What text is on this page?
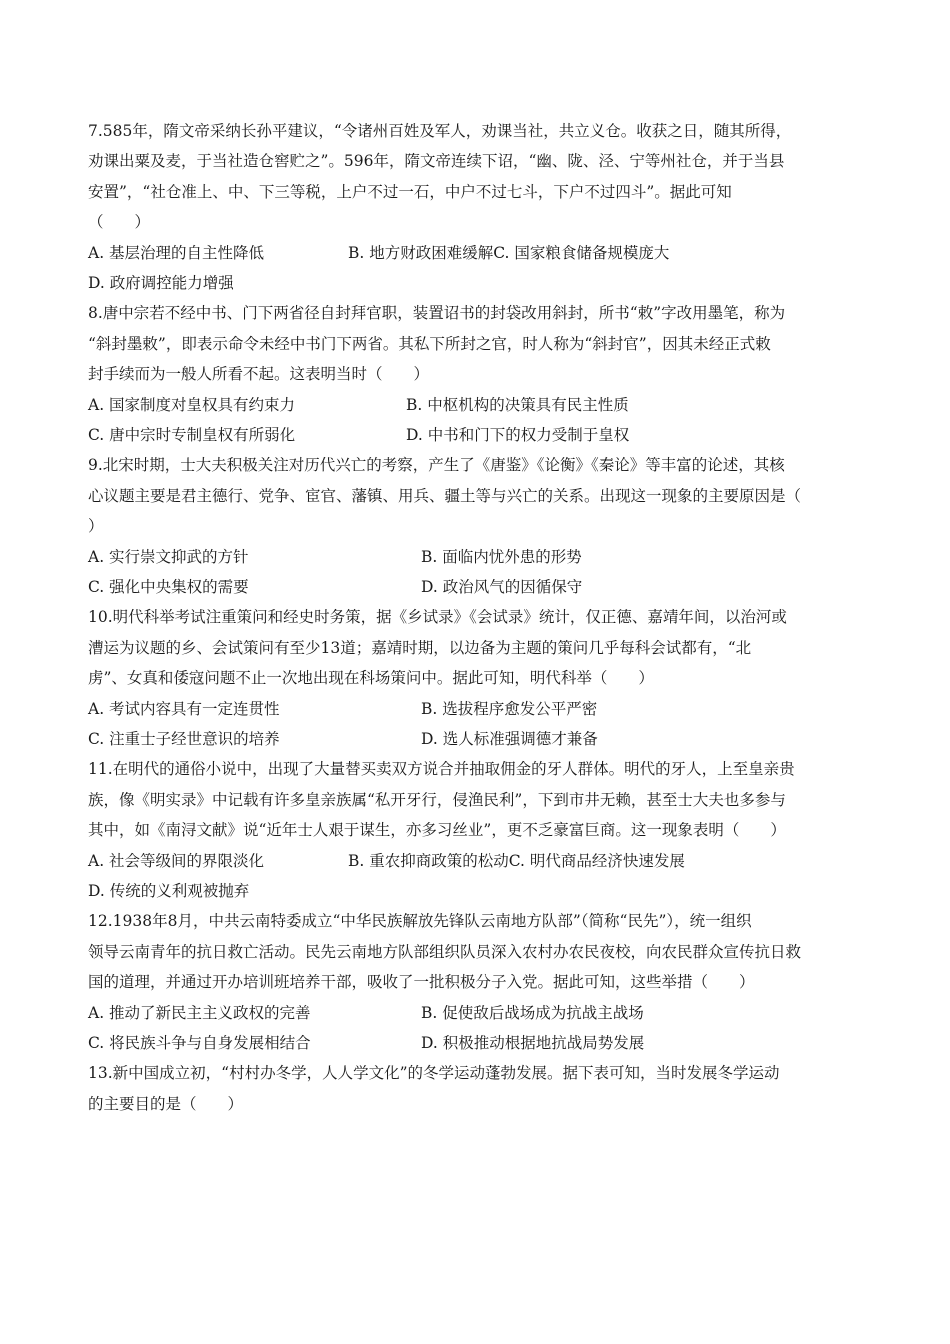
7.585年，隋文帝采纳长孙平建议，“令诸州百姓及军人，劝课当社，共立义仓。收获之日，随其所得，

劝课出粟及麦，于当社造仓窖贮之”。596年，隋文帝连续下诏，“幽、陇、泾、宁等州社仓，并于当县

安置”，“社仓准上、中、下三等税，上户不过一石，中户不过七斗，下户不过四斗”。据此可知

（　　）

A. 基层治理的自主性降低	B. 地方财政困难缓解 C. 国家粮食储备规模庞大
D. 政府调控能力增强

8.唐中宗若不经中书、门下两省径自封拜官职，装置诏书的封袋改用斜封，所书“敕”字改用墨笔，称为

“斜封墨敕”，即表示命令未经中书门下两省。其私下所封之官，时人称为“斜封官”，因其未经正式敕

封手续而为一般人所看不起。这表明当时（　　）

A. 国家制度对皇权具有约束力	B. 中枢机构的决策具有民主性质
C. 唐中宗时专制皇权有所弱化	D. 中书和门下的权力受制于皇权

9.北宋时期，士大夫积极关注对历代兴亡的考察，产生了《唐鉴》《论衡》《秦论》等丰富的论述，其核

心议题主要是君主德行、党争、宦官、藩镇、用兵、疆土等与兴亡的关系。出现这一现象的主要原因是（

）

A. 实行崇文抑武的方针	B. 面临内忧外患的形势
C. 强化中央集权的需要	D. 政治风气的因循保守

10.明代科举考试注重策问和经史时务策，据《乡试录》《会试录》统计，仅正德、嘉靖年间，以治河或

漕运为议题的乡、会试策问有至少13道；嘉靖时期，以边备为主题的策问几乎每科会试都有，“北

虏”、女真和倭寇问题不止一次地出现在科场策问中。据此可知，明代科举（　　）

A. 考试内容具有一定连贯性	B. 选拔程序愈发公平严密
C. 注重士子经世意识的培养	D. 选人标准强调德才兼备

11.在明代的通俗小说中，出现了大量替买卖双方说合并抽取佣金的牙人群体。明代的牙人，上至皇亲贵

族，像《明实录》中记载有许多皇亲族属“私开牙行，侵渔民利”，下到市井无赖，甚至士大夫也多参与

其中，如《南浔文献》说“近年士人艰于谋生，亦多习丝业”，更不乏豪富巨商。这一现象表明（　　）

A. 社会等级间的界限淡化	B. 重农抑商政策的松动 C. 明代商品经济快速发展
D. 传统的义利观被抛弃

12.1938年8月，中共云南特委成立“中华民族解放先锋队云南地方队部”（简称“民先”），统一组织

领导云南青年的抗日救亡活动。民先云南地方队部组织队员深入农村办农民夜校，向农民群众宣传抗日救

国的道理，并通过开办培训班培养干部，吸收了一批积极分子入党。据此可知，这些举措（　　）

A. 推动了新民主主义政权的完善	B. 促使敌后战场成为抗战主战场
C. 将民族斗争与自身发展相结合	D. 积极推动根据地抗战局势发展

13.新中国成立初，“村村办冬学，人人学文化”的冬学运动蓬勃发展。据下表可知，当时发展冬学运动

的主要目的是（　　）
